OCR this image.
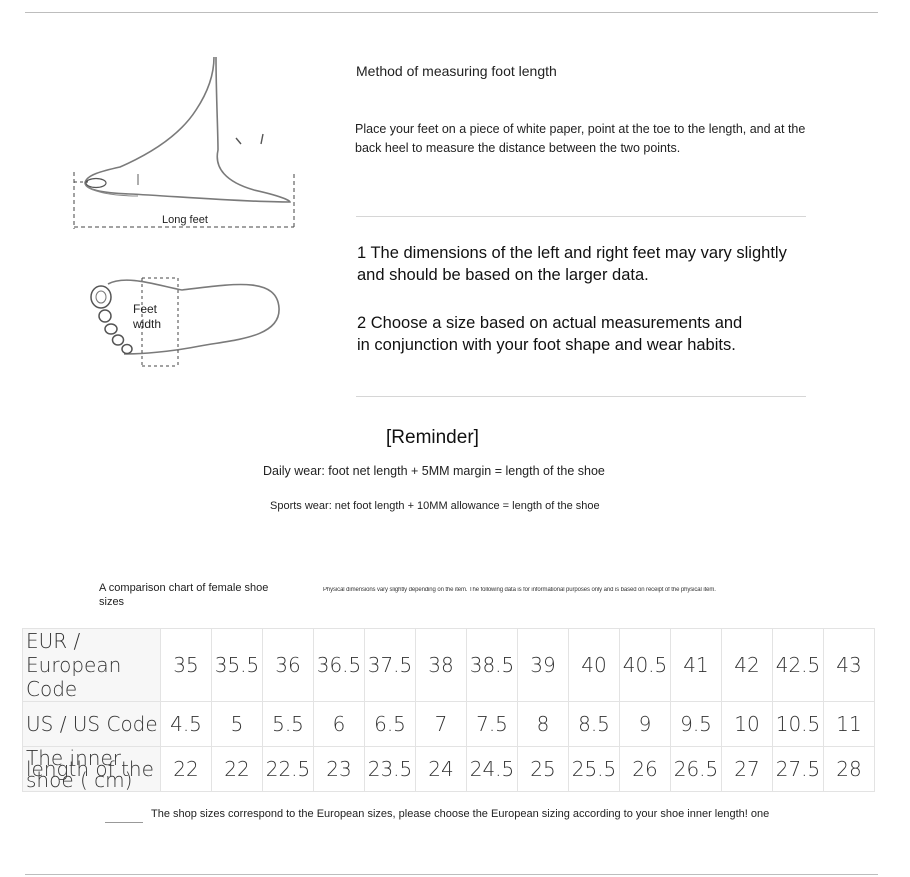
Long feet
Feet
width
Method of measuring foot length
Place your feet on a piece of white paper, point at the toe to the length, and at the back heel to measure the distance between the two points.
1 The dimensions of the left and right feet may vary slightly
and should be based on the larger data.
2 Choose a size based on actual measurements and
in conjunction with your foot shape and wear habits.
[Reminder]
Daily wear: foot net length + 5MM margin = length of the shoe
Sports wear: net foot length + 10MM allowance = length of the shoe
A comparison chart of female shoe sizes
Physical dimensions vary slightly depending on the item. The following data is for informational purposes only and is based on receipt of the physical item.
EUR / European Code	35	35.5	36	36.5	37.5	38	38.5	39	40	40.5	41	42	42.5	43
US / US Code	4.5	5	5.5	6	6.5	7	7.5	8	8.5	9	9.5	10	10.5	11
The inner length of the shoe ( cm)	22	22	22.5	23	23.5	24	24.5	25	25.5	26	26.5	27	27.5	28
The shop sizes correspond to the European sizes, please choose the European sizing according to your shoe inner length! one
